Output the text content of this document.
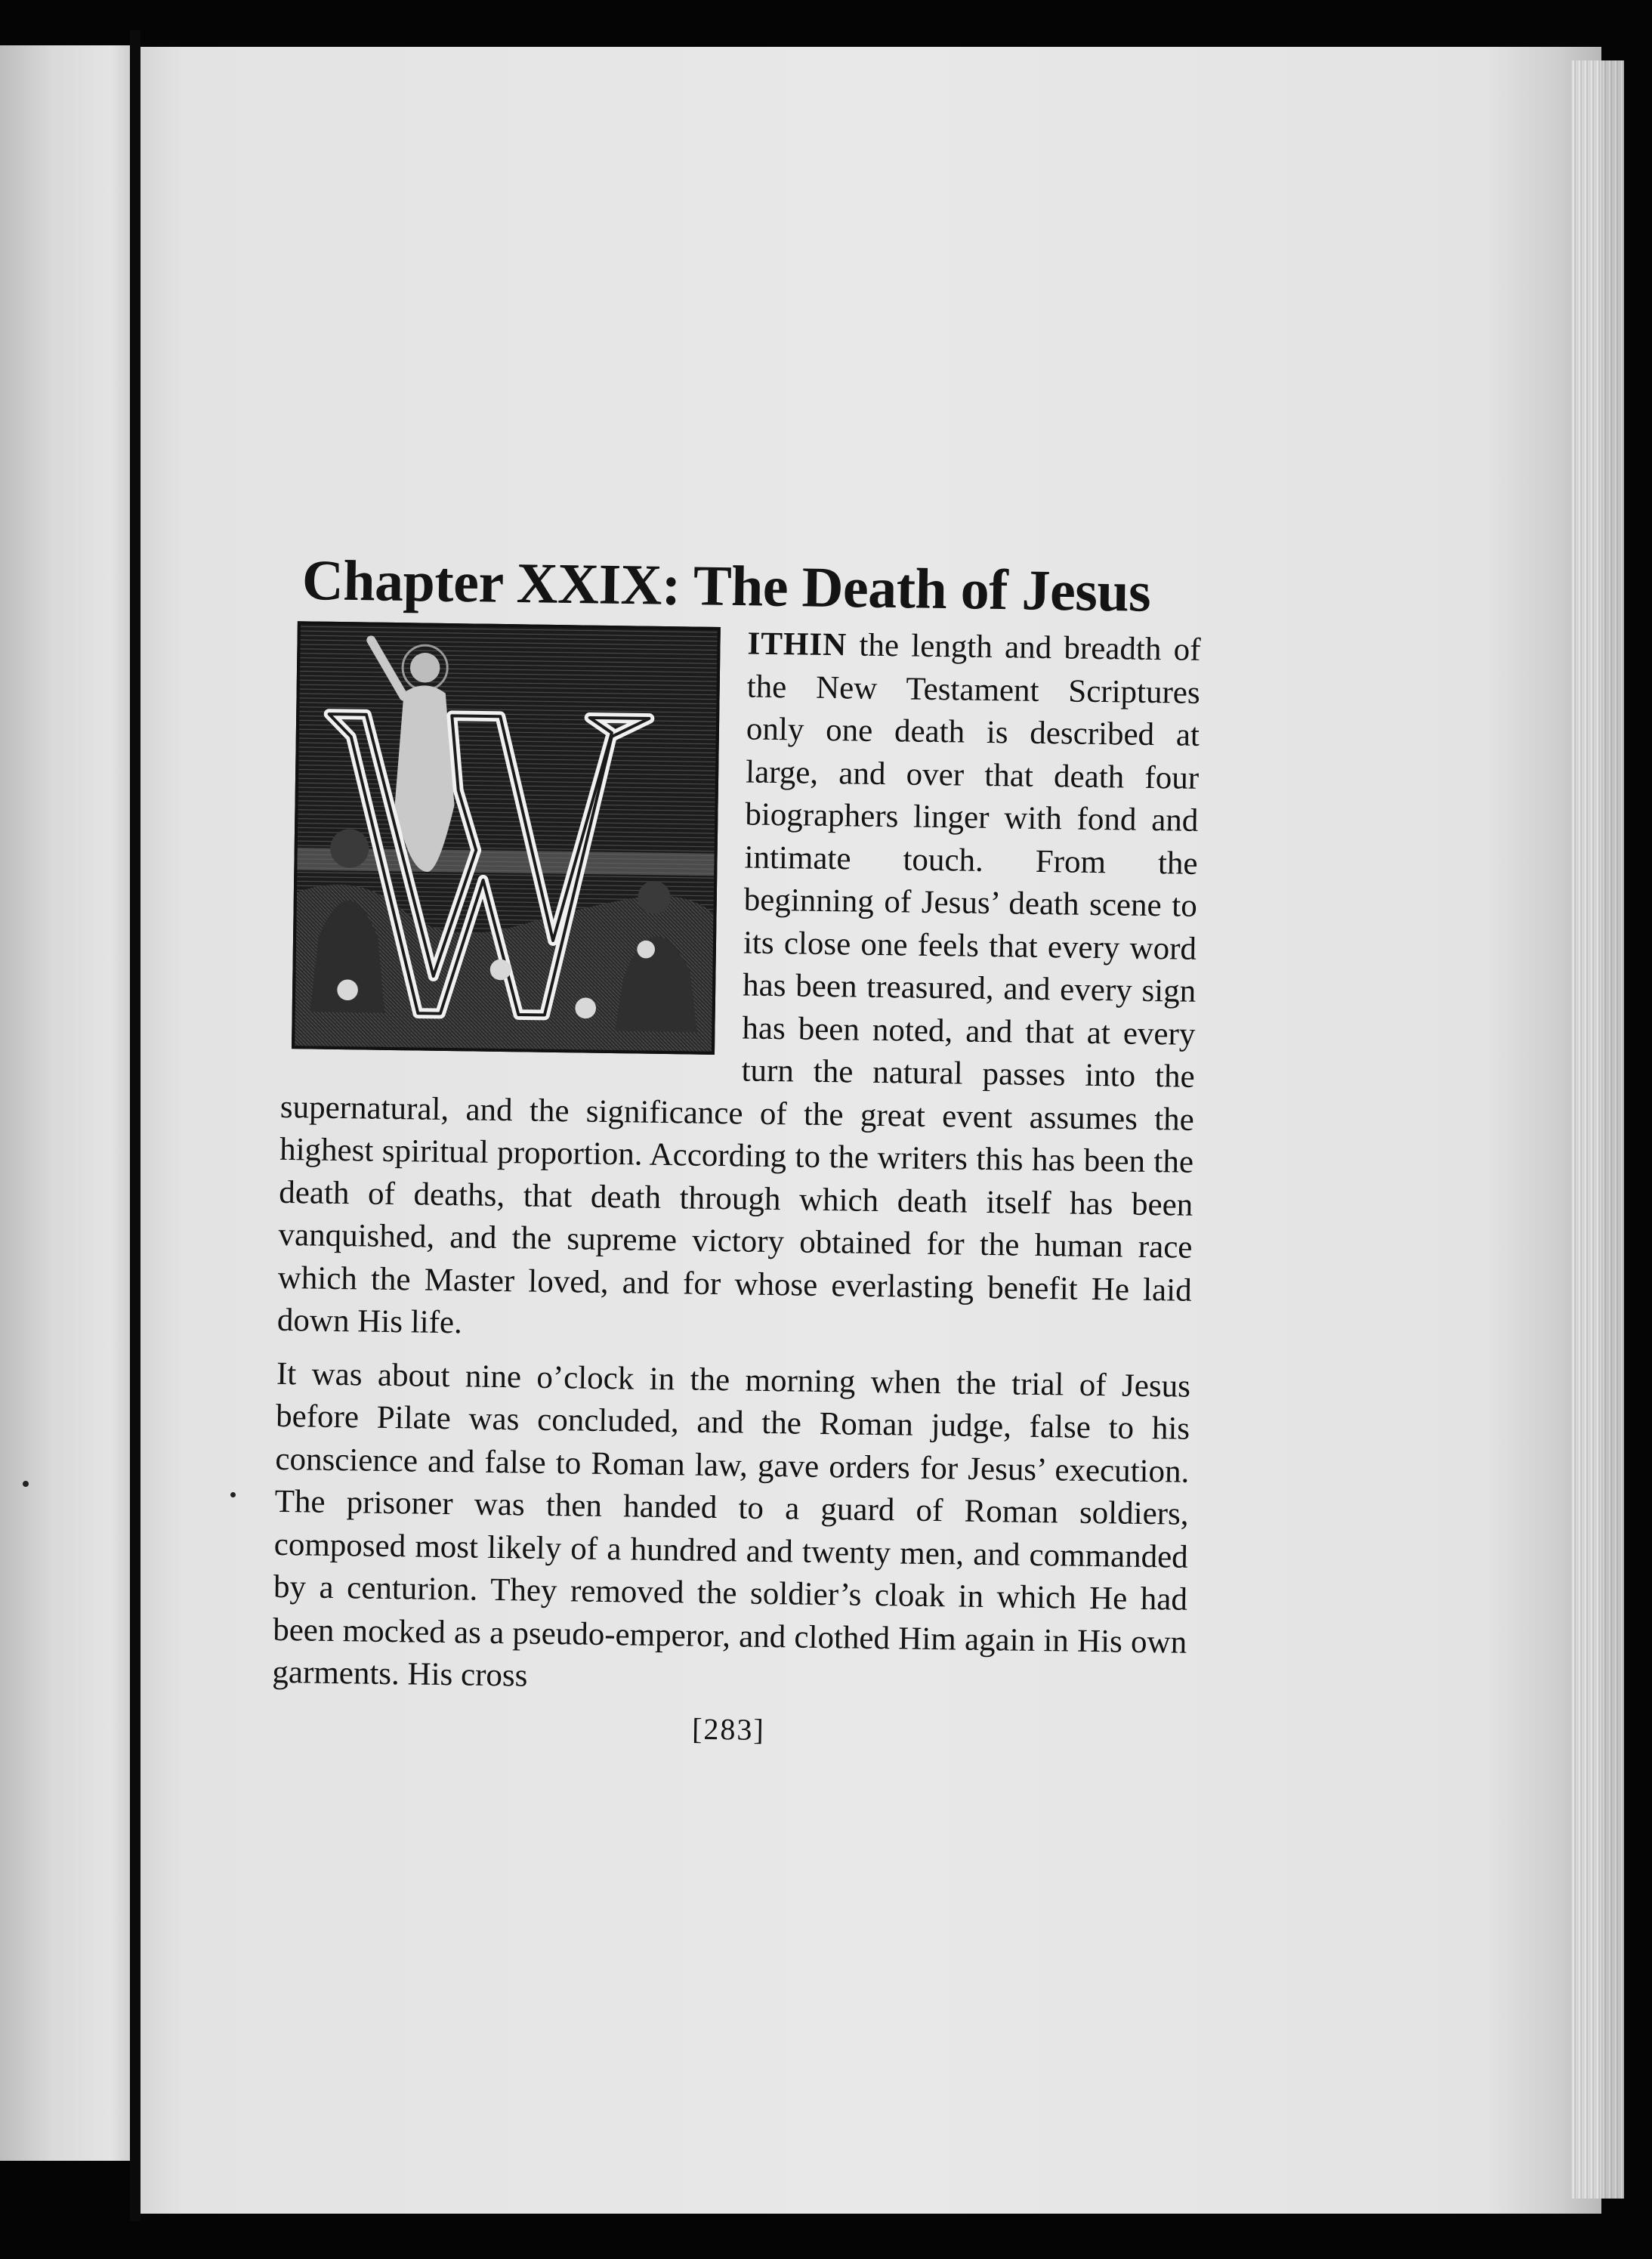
Chapter XXIX: The Death of Jesus

ITHIN the length and breadth of the New Testament Scriptures only one death is described at large, and over that death four biographers linger with fond and intimate touch. From the beginning of Jesus’ death scene to its close one feels that every word has been treasured, and every sign has been noted, and that at every turn the natural passes into the supernatural, and the significance of the great event assumes the highest spiritual proportion. According to the writers this has been the death of deaths, that death through which death itself has been vanquished, and the supreme victory obtained for the human race which the Master loved, and for whose everlasting benefit He laid down His life.

It was about nine o’clock in the morning when the trial of Jesus before Pilate was concluded, and the Roman judge, false to his conscience and false to Roman law, gave orders for Jesus’ execution. The prisoner was then handed to a guard of Roman soldiers, composed most likely of a hundred and twenty men, and commanded by a centurion. They removed the soldier’s cloak in which He had been mocked as a pseudo-emperor, and clothed Him again in His own garments. His cross

[283]
